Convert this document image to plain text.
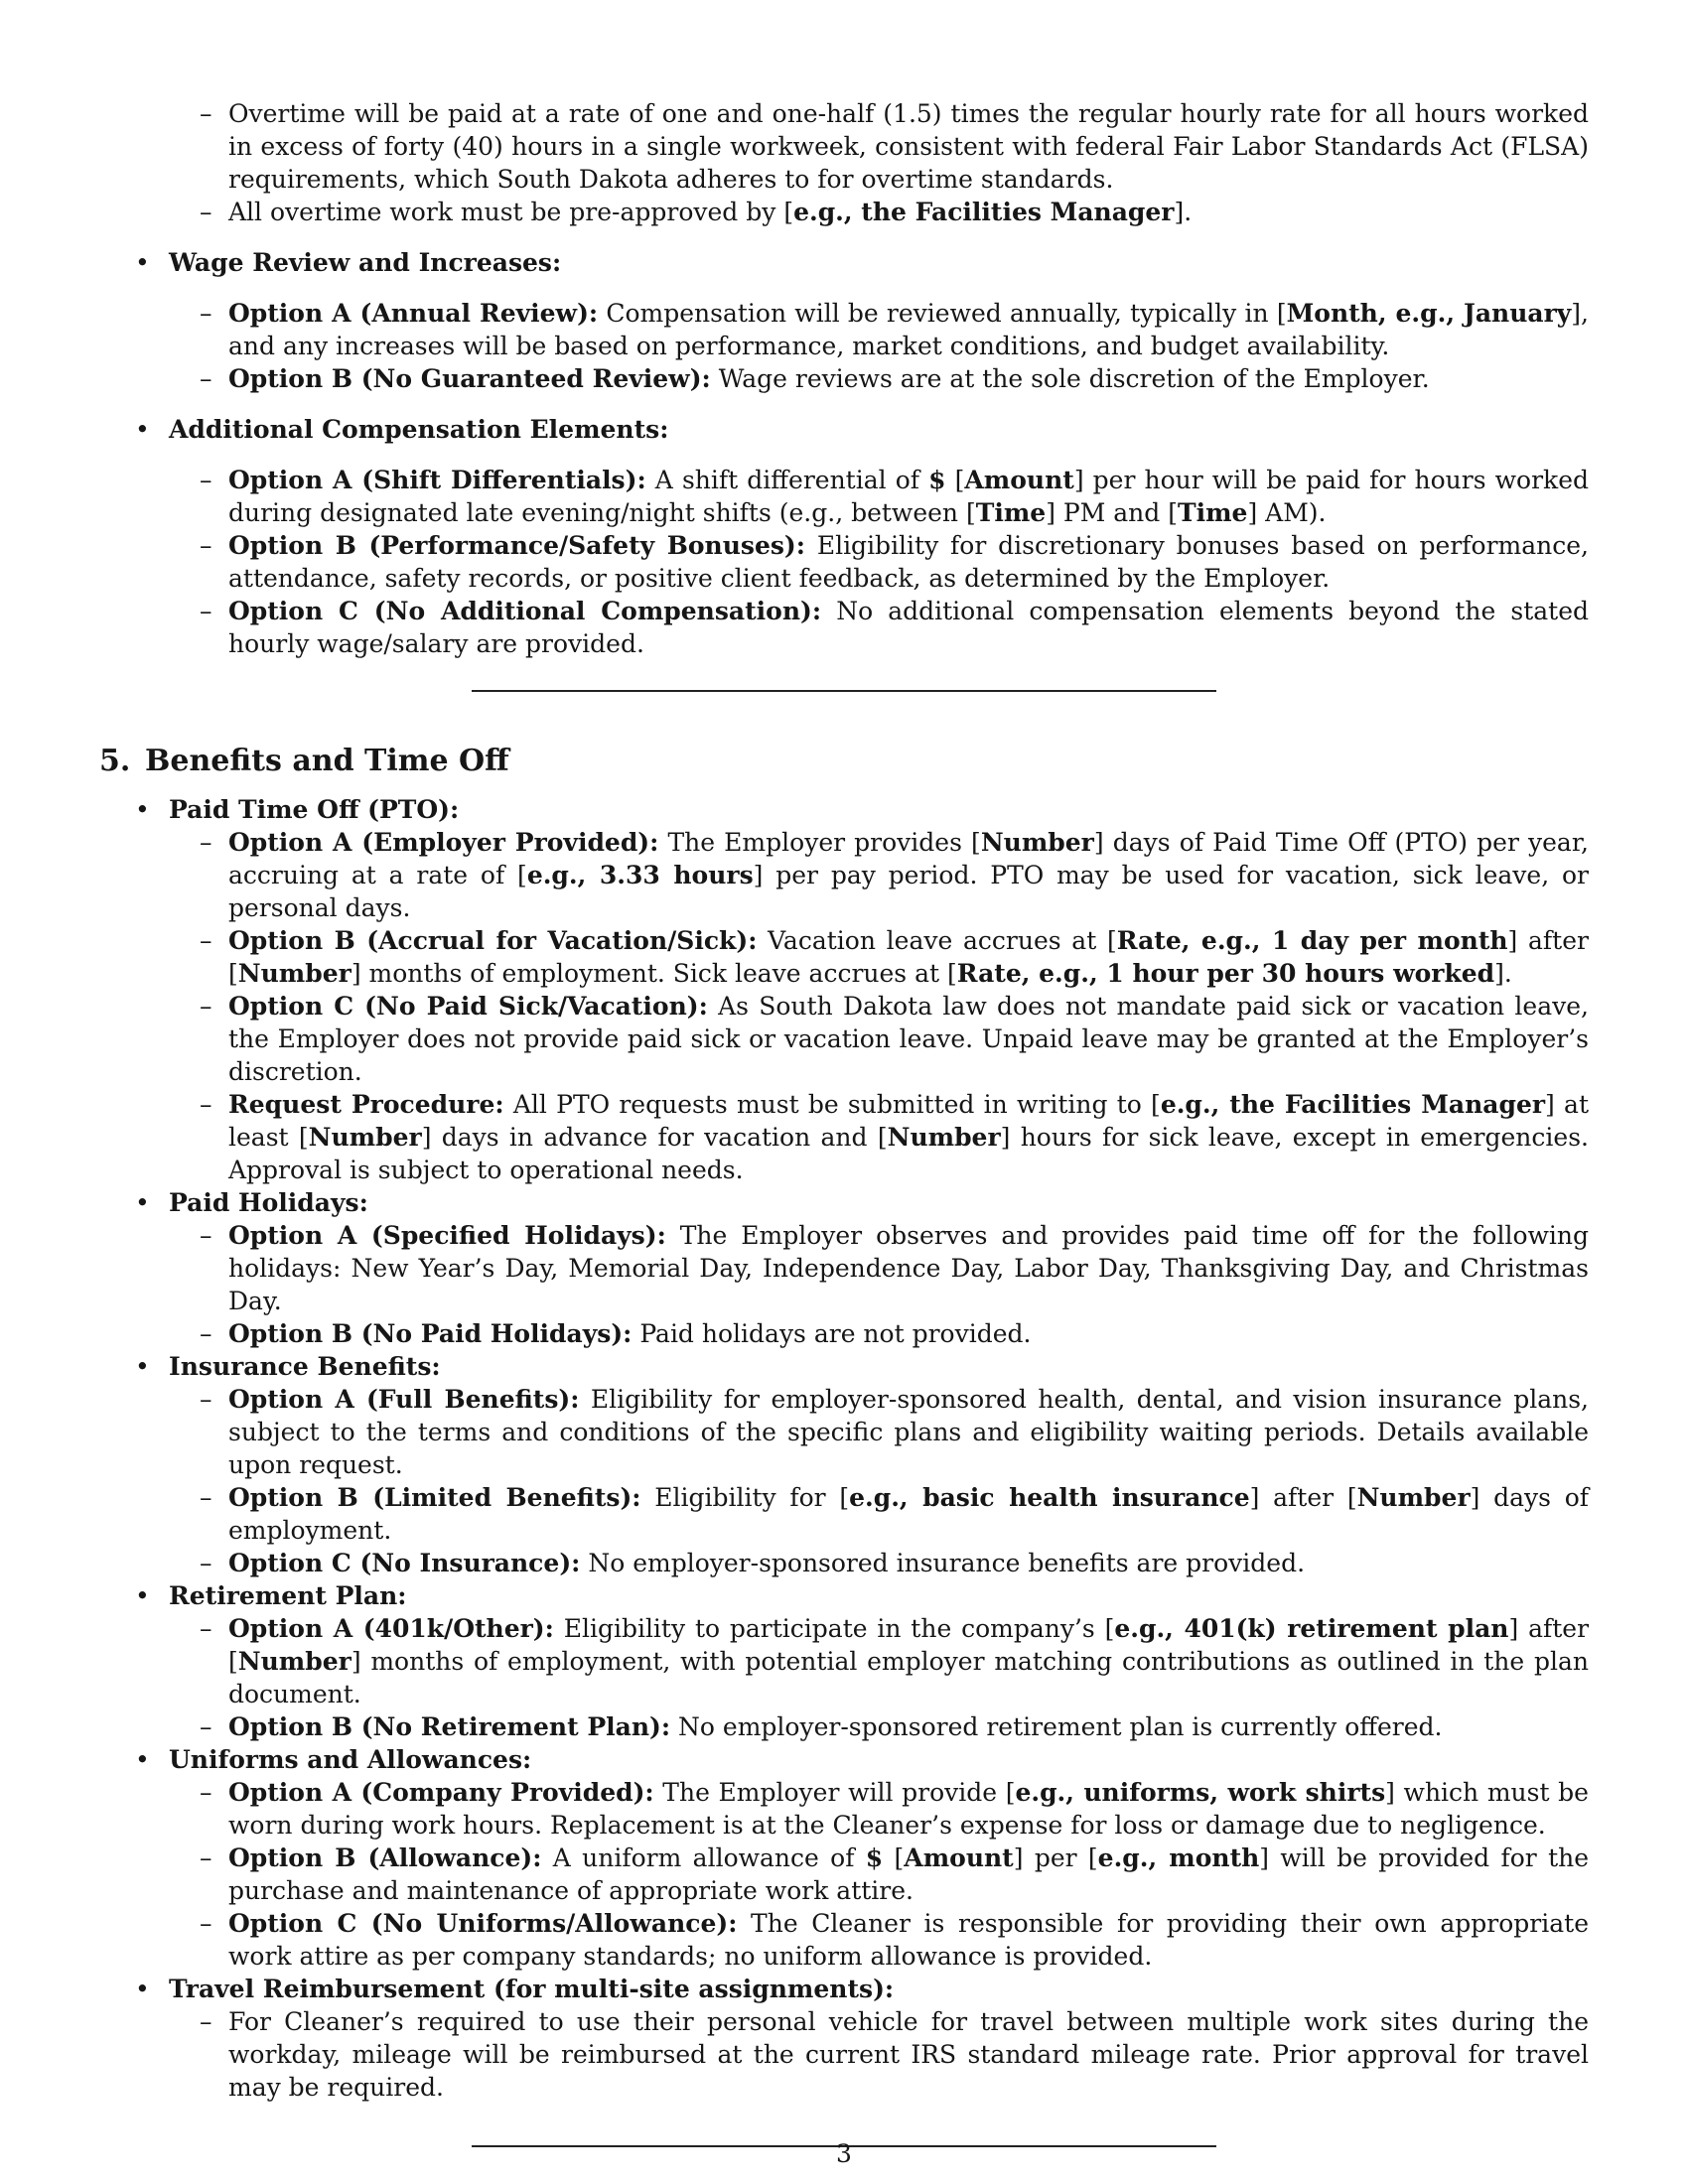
– Overtime will be paid at a rate of one and one-half (1.5) times the regular hourly rate for all hours worked in excess of forty (40) hours in a single workweek, consistent with federal Fair Labor Standards Act (FLSA) requirements, which South Dakota adheres to for overtime standards.

– All overtime work must be pre-approved by [e.g., the Facilities Manager].

• Wage Review and Increases:

– Option A (Annual Review): Compensation will be reviewed annually, typically in [Month, e.g., January], and any increases will be based on performance, market conditions, and budget availability.

– Option B (No Guaranteed Review): Wage reviews are at the sole discretion of the Employer.

• Additional Compensation Elements:

– Option A (Shift Differentials): A shift differential of $ [Amount] per hour will be paid for hours worked during designated late evening/night shifts (e.g., between [Time] PM and [Time] AM).

– Option B (Performance/Safety Bonuses): Eligibility for discretionary bonuses based on performance, attendance, safety records, or positive client feedback, as determined by the Employer.

– Option C (No Additional Compensation): No additional compensation elements beyond the stated hourly wage/salary are provided.

5. Benefits and Time Off
• Paid Time Off (PTO):

– Option A (Employer Provided): The Employer provides [Number] days of Paid Time Off (PTO) per year, accruing at a rate of [e.g., 3.33 hours] per pay period. PTO may be used for vacation, sick leave, or personal days.

– Option B (Accrual for Vacation/Sick): Vacation leave accrues at [Rate, e.g., 1 day per month] after [Number] months of employment. Sick leave accrues at [Rate, e.g., 1 hour per 30 hours worked].

– Option C (No Paid Sick/Vacation): As South Dakota law does not mandate paid sick or vacation leave, the Employer does not provide paid sick or vacation leave. Unpaid leave may be granted at the Employer’s discretion.

– Request Procedure: All PTO requests must be submitted in writing to [e.g., the Facilities Manager] at least [Number] days in advance for vacation and [Number] hours for sick leave, except in emergencies. Approval is subject to operational needs.

• Paid Holidays:

– Option A (Specified Holidays): The Employer observes and provides paid time off for the following holidays: New Year’s Day, Memorial Day, Independence Day, Labor Day, Thanksgiving Day, and Christmas Day.

– Option B (No Paid Holidays): Paid holidays are not provided.

• Insurance Benefits:

– Option A (Full Benefits): Eligibility for employer-sponsored health, dental, and vision insurance plans, subject to the terms and conditions of the specific plans and eligibility waiting periods. Details available upon request.

– Option B (Limited Benefits): Eligibility for [e.g., basic health insurance] after [Number] days of employment.

– Option C (No Insurance): No employer-sponsored insurance benefits are provided.

• Retirement Plan:

– Option A (401k/Other): Eligibility to participate in the company’s [e.g., 401(k) retirement plan] after [Number] months of employment, with potential employer matching contributions as outlined in the plan document.

– Option B (No Retirement Plan): No employer-sponsored retirement plan is currently offered.

• Uniforms and Allowances:

– Option A (Company Provided): The Employer will provide [e.g., uniforms, work shirts] which must be worn during work hours. Replacement is at the Cleaner’s expense for loss or damage due to negligence.

– Option B (Allowance): A uniform allowance of $ [Amount] per [e.g., month] will be provided for the purchase and maintenance of appropriate work attire.

– Option C (No Uniforms/Allowance): The Cleaner is responsible for providing their own appropriate work attire as per company standards; no uniform allowance is provided.

• Travel Reimbursement (for multi-site assignments):

– For Cleaner’s required to use their personal vehicle for travel between multiple work sites during the workday, mileage will be reimbursed at the current IRS standard mileage rate. Prior approval for travel may be required.

3
